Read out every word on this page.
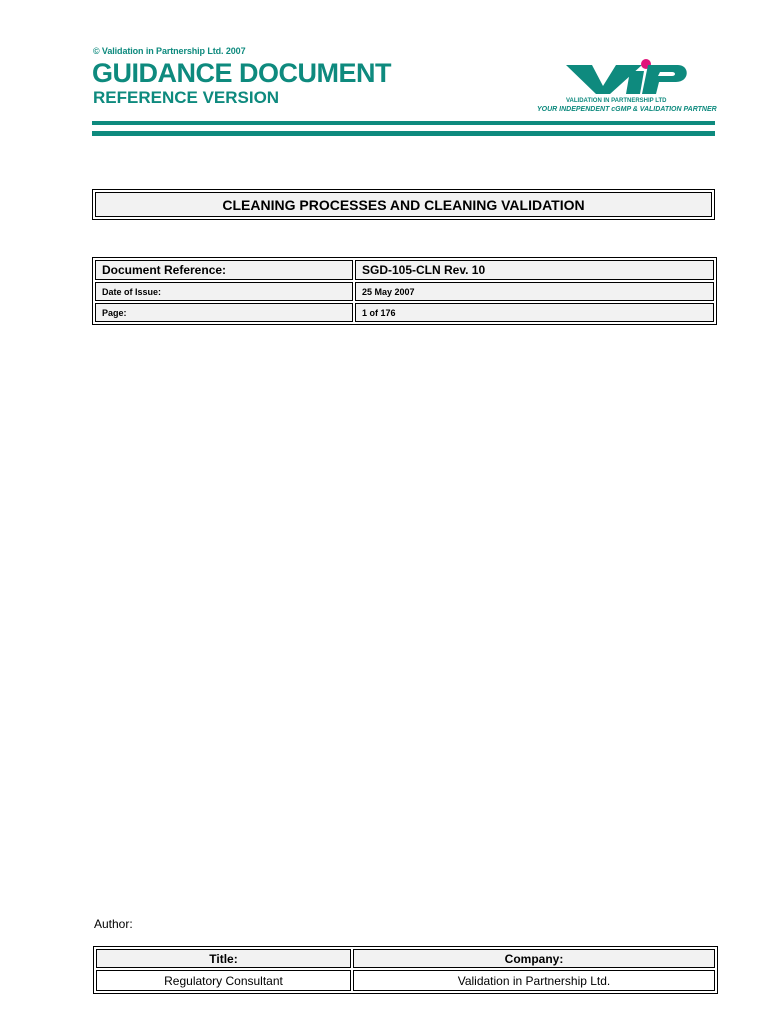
© Validation in Partnership Ltd. 2007
GUIDANCE DOCUMENT
REFERENCE VERSION	VALIDATION IN PARTNERSHIP LTD
YOUR INDEPENDENT cGMP & VALIDATION PARTNER
CLEANING PROCESSES AND CLEANING VALIDATION
Document Reference:	SGD-105-CLN Rev. 10
Date of Issue:	25 May 2007
Page:	1 of 176
Author:
Title:	Company:
Regulatory Consultant	Validation in Partnership Ltd.
